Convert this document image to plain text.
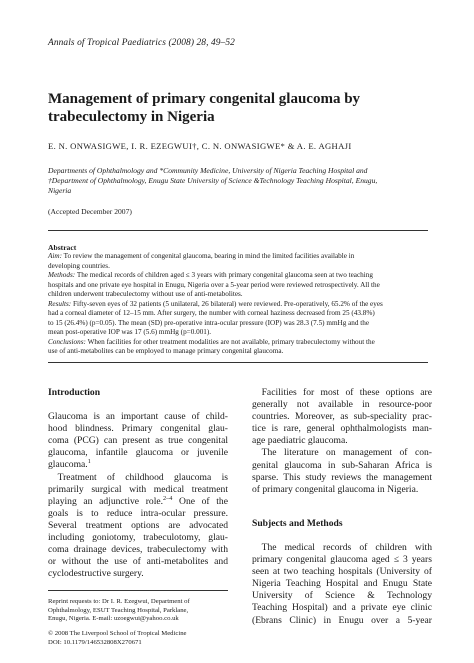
Annals of Tropical Paediatrics (2008) 28, 49–52
Management of primary congenital glaucoma by
trabeculectomy in Nigeria
E. N. ONWASIGWE, I. R. EZEGWUI†, C. N. ONWASIGWE* & A. E. AGHAJI
Departments of Ophthalmology and *Community Medicine, University of Nigeria Teaching Hospital and
†Department of Ophthalmology, Enugu State University of Science &Technology Teaching Hospital, Enugu,
Nigeria
(Accepted December 2007)
Abstract
Aim: To review the management of congenital glaucoma, bearing in mind the limited facilities available in
developing countries.
Methods: The medical records of children aged ≤ 3 years with primary congenital glaucoma seen at two teaching
hospitals and one private eye hospital in Enugu, Nigeria over a 5-year period were reviewed retrospectively. All the
children underwent trabeculectomy without use of anti-metabolites.
Results: Fifty-seven eyes of 32 patients (5 unilateral, 26 bilateral) were reviewed. Pre-operatively, 65.2% of the eyes
had a corneal diameter of 12–15 mm. After surgery, the number with corneal haziness decreased from 25 (43.8%)
to 15 (26.4%) (p=0.05). The mean (SD) pre-operative intra-ocular pressure (IOP) was 28.3 (7.5) mmHg and the
mean post-operative IOP was 17 (5.6) mmHg (p=0.001).
Conclusions: When facilities for other treatment modalities are not available, primary trabeculectomy without the
use of anti-metabolites can be employed to manage primary congenital glaucoma.
Introduction
Glaucoma is an important cause of child-
hood blindness. Primary congenital glau-
coma (PCG) can present as true congenital
glaucoma, infantile glaucoma or juvenile
glaucoma.$^1$
 Treatment of childhood glaucoma is
primarily surgical with medical treatment
playing an adjunctive role.$^{2-4}$ One of the
goals is to reduce intra-ocular pressure.
Several treatment options are advocated
including goniotomy, trabeculotomy, glau-
coma drainage devices, trabeculectomy with
or without the use of anti-metabolites and
cyclodestructive surgery.
 Facilities for most of these options are
generally not available in resource-poor
countries. Moreover, as sub-speciality prac-
tice is rare, general ophthalmologists man-
age paediatric glaucoma.
 The literature on management of con-
genital glaucoma in sub-Saharan Africa is
sparse. This study reviews the management
of primary congenital glaucoma in Nigeria.
Subjects and Methods
 The medical records of children with
primary congenital glaucoma aged ≤ 3 years
seen at two teaching hospitals (University of
Nigeria Teaching Hospital and Enugu State
University of Science & Technology
Teaching Hospital) and a private eye clinic
(Ebrans Clinic) in Enugu over a 5-year
Reprint requests to: Dr I. R. Ezegwui, Department of
Ophthalmology, ESUT Teaching Hospital, Parklane,
Enugu, Nigeria. E-mail: uzoegwui@yahoo.co.uk
© 2008 The Liverpool School of Tropical Medicine
DOI: 10.1179/146532808X270671
